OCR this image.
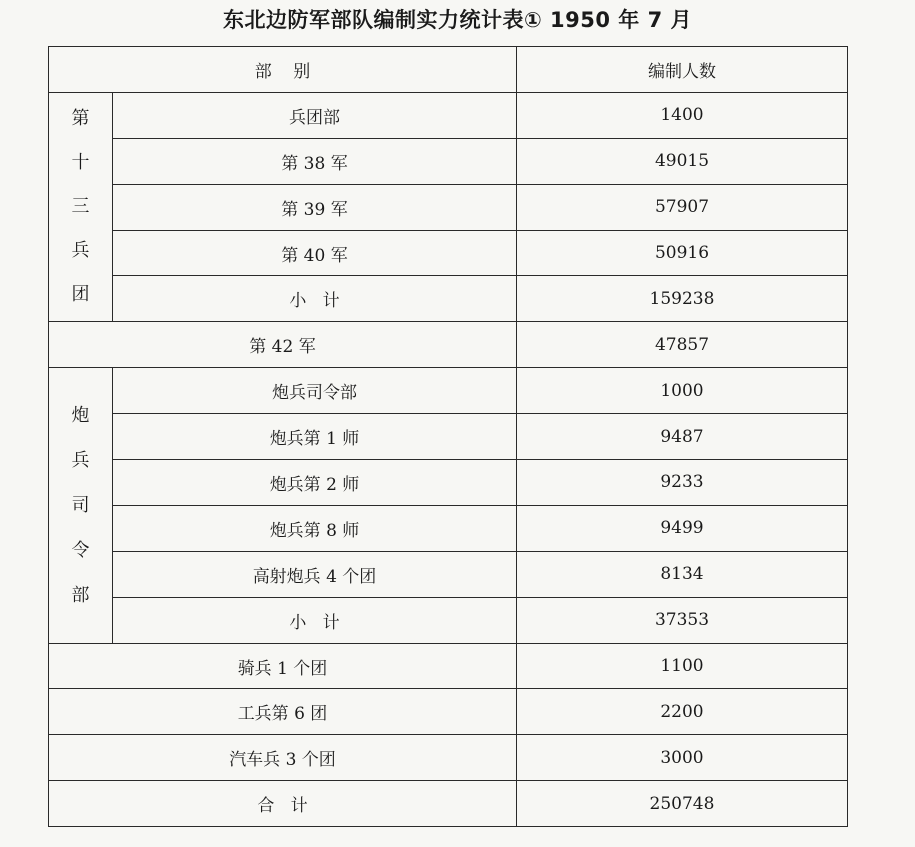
东北边防军部队编制实力统计表① 1950 年 7 月
部    别		编制人数

第十三兵团	兵团部	1400
	第 38 军	49015
	第 39 军	57907
	第 40 军	50916
	小   计	159238
第 42 军		47857

炮兵司令部	炮兵司令部	1000
	炮兵第 1 师	9487
	炮兵第 2 师	9233
	炮兵第 8 师	9499
	高射炮兵 4 个团	8134
	小   计	37353
骑兵 1 个团		1100
工兵第 6 团		2200
汽车兵 3 个团		3000
合   计		250748
